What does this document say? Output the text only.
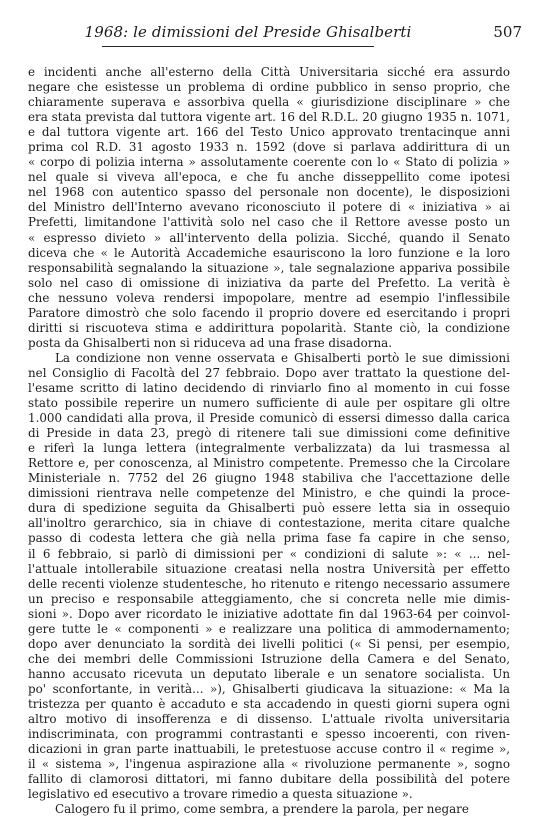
1968: le dimissioni del Preside Ghisalberti	507

e incidenti anche all'esterno della Città Universitaria sicché era assurdo

negare che esistesse un problema di ordine pubblico in senso proprio, che

chiaramente superava e assorbiva quella « giurisdizione disciplinare » che

era stata prevista dal tuttora vigente art. 16 del R.D.L. 20 giugno 1935 n. 1071,

e dal tuttora vigente art. 166 del Testo Unico approvato trentacinque anni

prima col R.D. 31 agosto 1933 n. 1592 (dove si parlava addirittura di un

« corpo di polizia interna » assolutamente coerente con lo « Stato di polizia »

nel quale si viveva all'epoca, e che fu anche disseppellito come ipotesi

nel 1968 con autentico spasso del personale non docente), le disposizioni

del Ministro dell'Interno avevano riconosciuto il potere di « iniziativa » ai

Prefetti, limitandone l'attività solo nel caso che il Rettore avesse posto un

« espresso divieto » all'intervento della polizia. Sicché, quando il Senato

diceva che « le Autorità Accademiche esauriscono la loro funzione e la loro

responsabilità segnalando la situazione », tale segnalazione appariva possibile

solo nel caso di omissione di iniziativa da parte del Prefetto. La verità è

che nessuno voleva rendersi impopolare, mentre ad esempio l'inflessibile

Paratore dimostrò che solo facendo il proprio dovere ed esercitando i propri

diritti si riscuoteva stima e addirittura popolarità. Stante ciò, la condizione

posta da Ghisalberti non si riduceva ad una frase disadorna.

La condizione non venne osservata e Ghisalberti portò le sue dimissioni

nel Consiglio di Facoltà del 27 febbraio. Dopo aver trattato la questione del-

l'esame scritto di latino decidendo di rinviarlo fino al momento in cui fosse

stato possibile reperire un numero sufficiente di aule per ospitare gli oltre

1.000 candidati alla prova, il Preside comunicò di essersi dimesso dalla carica

di Preside in data 23, pregò di ritenere tali sue dimissioni come definitive

e riferì la lunga lettera (integralmente verbalizzata) da lui trasmessa al

Rettore e, per conoscenza, al Ministro competente. Premesso che la Circolare

Ministeriale n. 7752 del 26 giugno 1948 stabiliva che l'accettazione delle

dimissioni rientrava nelle competenze del Ministro, e che quindi la proce-

dura di spedizione seguita da Ghisalberti può essere letta sia in ossequio

all'inoltro gerarchico, sia in chiave di contestazione, merita citare qualche

passo di codesta lettera che già nella prima fase fa capire in che senso,

il 6 febbraio, si parlò di dimissioni per « condizioni di salute »: « ... nel-

l'attuale intollerabile situazione creatasi nella nostra Università per effetto

delle recenti violenze studentesche, ho ritenuto e ritengo necessario assumere

un preciso e responsabile atteggiamento, che si concreta nelle mie dimis-

sioni ». Dopo aver ricordato le iniziative adottate fin dal 1963-64 per coinvol-

gere tutte le « componenti » e realizzare una politica di ammodernamento;

dopo aver denunciato la sordità dei livelli politici (« Si pensi, per esempio,

che dei membri delle Commissioni Istruzione della Camera e del Senato,

hanno accusato ricevuta un deputato liberale e un senatore socialista. Un

po' sconfortante, in verità... »), Ghisalberti giudicava la situazione: « Ma la

tristezza per quanto è accaduto e sta accadendo in questi giorni supera ogni

altro motivo di insofferenza e di dissenso. L'attuale rivolta universitaria

indiscriminata, con programmi contrastanti e spesso incoerenti, con riven-

dicazioni in gran parte inattuabili, le pretestuose accuse contro il « regime »,

il « sistema », l'ingenua aspirazione alla « rivoluzione permanente », sogno

fallito di clamorosi dittatori, mi fanno dubitare della possibilità del potere

legislativo ed esecutivo a trovare rimedio a questa situazione ».

Calogero fu il primo, come sembra, a prendere la parola, per negare
